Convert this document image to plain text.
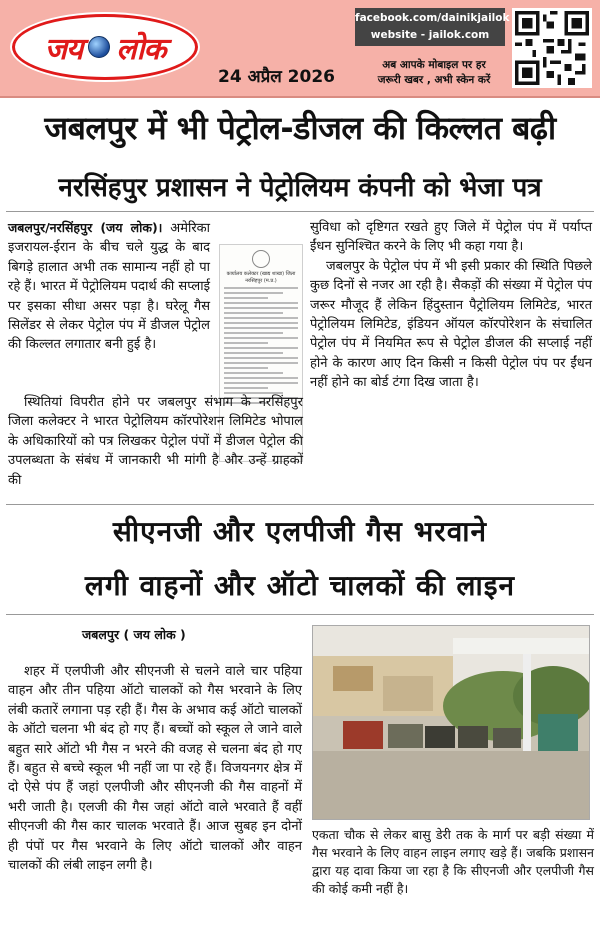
जय लोक
24 अप्रैल 2026
facebook.com/dainikjailok
website - jailok.com
अब आपके मोबाइल पर हर
जरूरी खबर , अभी स्केन करें
जबलपुर में भी पेट्रोल-डीजल की किल्लत बढ़ी
नरसिंहपुर प्रशासन ने पेट्रोलियम कंपनी को भेजा पत्र

जबलपुर/नरसिंहपुर (जय लोक)। अमेरिका इजरायल-ईरान के बीच चले युद्ध के बाद बिगड़े हालात अभी तक सामान्य नहीं हो पा रहे हैं। भारत में पेट्रोलियम पदार्थ की सप्लाई पर इसका सीधा असर पड़ा है। घरेलू गैस सिलेंडर से लेकर पेट्रोल पंप में डीजल पेट्रोल की किल्लत लगातार बनी हुई है।

कार्यालय कलेक्टर (खाद्य शाखा) जिला नरसिंहपुर (म.प्र.)

स्थितियां विपरीत होने पर जबलपुर संभाग के नरसिंहपुर जिला कलेक्टर ने भारत पेट्रोलियम कॉरपोरेशन लिमिटेड भोपाल के अधिकारियों को पत्र लिखकर पेट्रोल पंपों में डीजल पेट्रोल की उपलब्धता के संबंध में जानकारी भी मांगी है और उन्हें ग्राहकों की

सुविधा को दृष्टिगत रखते हुए जिले में पेट्रोल पंप में पर्याप्त ईंधन सुनिश्चित करने के लिए भी कहा गया है।

जबलपुर के पेट्रोल पंप में भी इसी प्रकार की स्थिति पिछले कुछ दिनों से नजर आ रही है। सैकड़ों की संख्या में पेट्रोल पंप जरूर मौजूद हैं लेकिन हिंदुस्तान पैट्रोलियम लिमिटेड, भारत पेट्रोलियम लिमिटेड, इंडियन ऑयल कॉरपोरेशन के संचालित पेट्रोल पंप में नियमित रूप से पेट्रोल डीजल की सप्लाई नहीं होने के कारण आए दिन किसी न किसी पेट्रोल पंप पर ईंधन नहीं होने का बोर्ड टंगा दिख जाता है।

सीएनजी और एलपीजी गैस भरवाने
लगी वाहनों और ऑटो चालकों की लाइन
जबलपुर ( जय लोक )

शहर में एलपीजी और सीएनजी से चलने वाले चार पहिया वाहन और तीन पहिया ऑटो चालकों को गैस भरवाने के लिए लंबी कतारें लगाना पड़ रही हैं। गैस के अभाव कई ऑटो चालकों के ऑटो चलना भी बंद हो गए हैं। बच्चों को स्कूल ले जाने वाले बहुत सारे ऑटो भी गैस न भरने की वजह से चलना बंद हो गए हैं। बहुत से बच्चे स्कूल भी नहीं जा पा रहे हैं। विजयनगर क्षेत्र में दो ऐसे पंप हैं जहां एलपीजी और सीएनजी की गैस वाहनों में भरी जाती है। एलजी की गैस जहां ऑटो वाले भरवाते हैं वहीं सीएनजी की गैस कार चालक भरवाते हैं। आज सुबह इन दोनों ही पंपों पर गैस भरवाने के लिए ऑटो चालकों और वाहन चालकों की लंबी लाइन लगी है।

एकता चौक से लेकर बासु डेरी तक के मार्ग पर बड़ी संख्या में गैस भरवाने के लिए वाहन लाइन लगाए खड़े हैं। जबकि प्रशासन द्वारा यह दावा किया जा रहा है कि सीएनजी और एलपीजी गैस की कोई कमी नहीं है।
